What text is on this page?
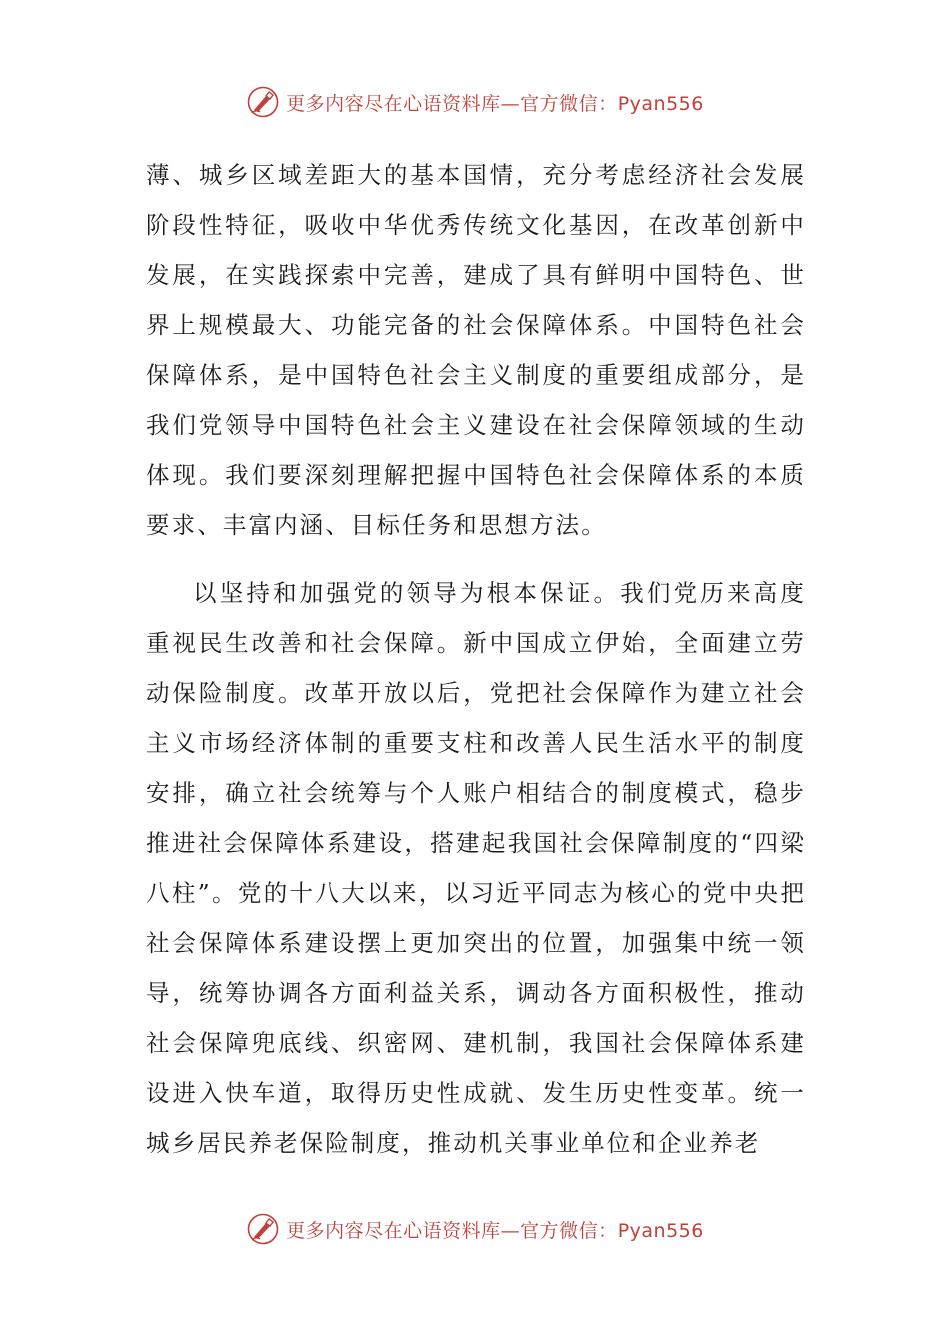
更多内容尽在心语资料库—官方微信：Pyan556

薄、城乡区域差距大的基本国情，充分考虑经济社会发展阶段性特征，吸收中华优秀传统文化基因，在改革创新中发展，在实践探索中完善，建成了具有鲜明中国特色、世界上规模最大、功能完备的社会保障体系。中国特色社会保障体系，是中国特色社会主义制度的重要组成部分，是我们党领导中国特色社会主义建设在社会保障领域的生动体现。我们要深刻理解把握中国特色社会保障体系的本质要求、丰富内涵、目标任务和思想方法。

以坚持和加强党的领导为根本保证。我们党历来高度重视民生改善和社会保障。新中国成立伊始，全面建立劳动保险制度。改革开放以后，党把社会保障作为建立社会主义市场经济体制的重要支柱和改善人民生活水平的制度安排，确立社会统筹与个人账户相结合的制度模式，稳步推进社会保障体系建设，搭建起我国社会保障制度的“四梁八柱”。党的十八大以来，以习近平同志为核心的党中央把社会保障体系建设摆上更加突出的位置，加强集中统一领导，统筹协调各方面利益关系，调动各方面积极性，推动社会保障兜底线、织密网、建机制，我国社会保障体系建设进入快车道，取得历史性成就、发生历史性变革。统一城乡居民养老保险制度，推动机关事业单位和企业养老

更多内容尽在心语资料库—官方微信：Pyan556
